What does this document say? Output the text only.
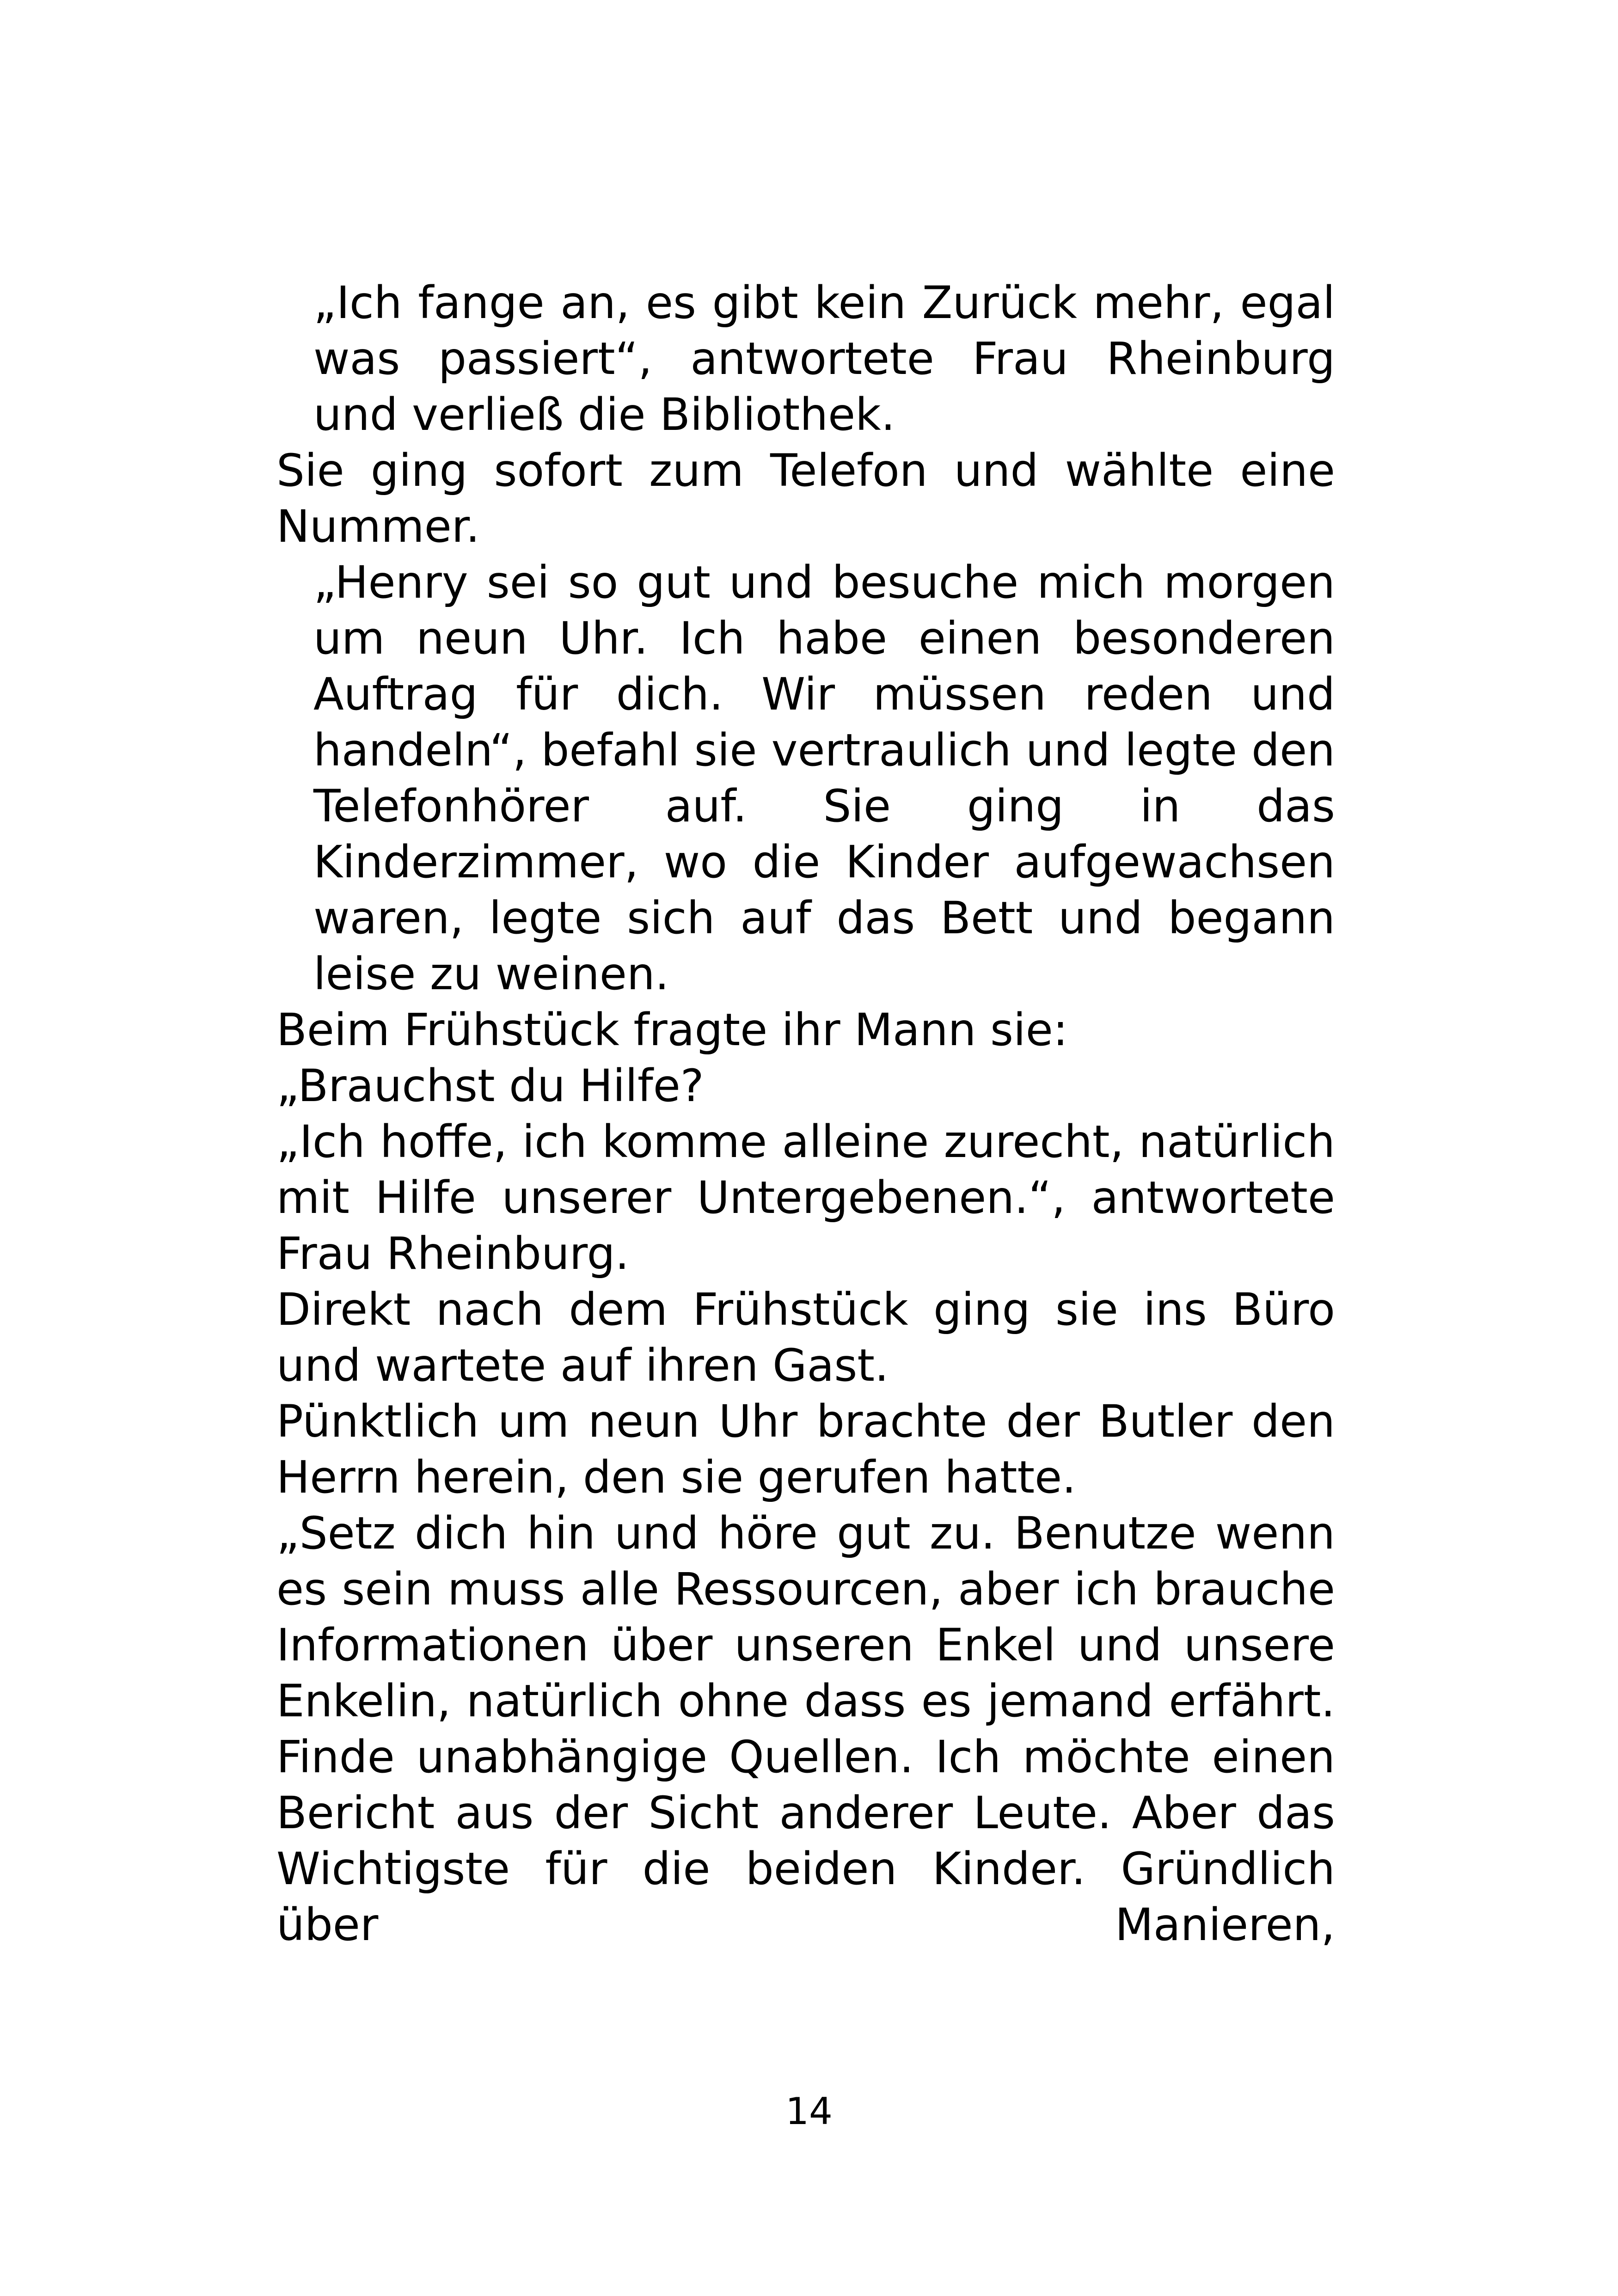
„Ich fange an, es gibt kein Zurück mehr, egal was passiert“, antwortete Frau Rheinburg und verließ die Bibliothek.

Sie ging sofort zum Telefon und wählte eine Nummer.

„Henry sei so gut und besuche mich morgen um neun Uhr. Ich habe einen besonderen Auftrag für dich. Wir müssen reden und handeln“, befahl sie vertraulich und legte den Telefonhörer auf. Sie ging in das Kinderzimmer, wo die Kinder aufgewachsen waren, legte sich auf das Bett und begann leise zu weinen.

Beim Frühstück fragte ihr Mann sie:

„Brauchst du Hilfe?

„Ich hoffe, ich komme alleine zurecht, natürlich mit Hilfe unserer Untergebenen.“, antwortete Frau Rheinburg.

Direkt nach dem Frühstück ging sie ins Büro und wartete auf ihren Gast.

Pünktlich um neun Uhr brachte der Butler den Herrn herein, den sie gerufen hatte.

„Setz dich hin und höre gut zu. Benutze wenn es sein muss alle Ressourcen, aber ich brauche Informationen über unseren Enkel und unsere Enkelin, natürlich ohne dass es jemand erfährt. Finde unabhängige Quellen. Ich möchte einen Bericht aus der Sicht anderer Leute. Aber das Wichtigste für die beiden Kinder. Gründlich über Manieren,

14
